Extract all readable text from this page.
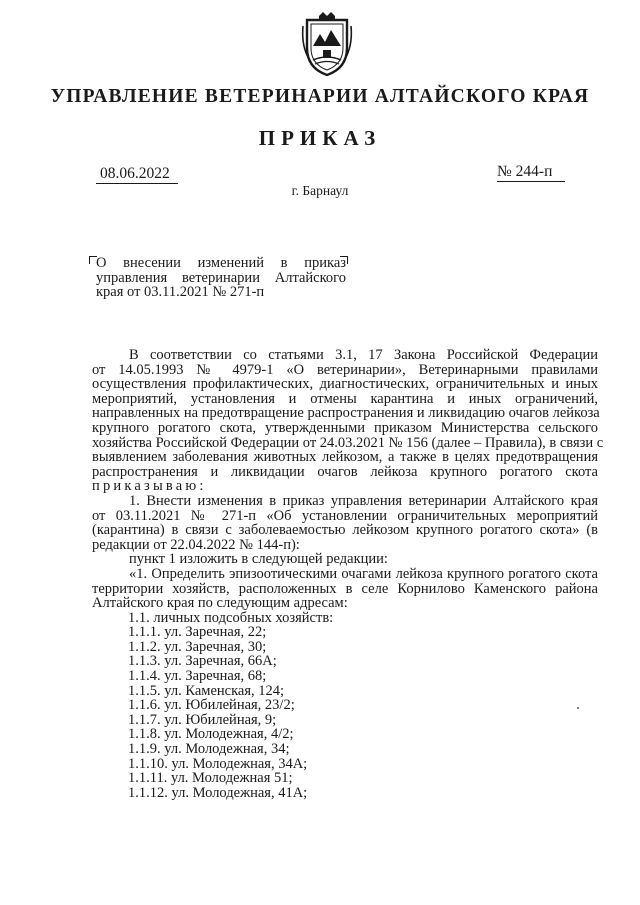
УПРАВЛЕНИЕ ВЕТЕРИНАРИИ АЛТАЙСКОГО КРАЯ
ПРИКАЗ
08.06.2022	№ 244-п
г. Барнаул
О внесении изменений в приказ
управления ветеринарии Алтайского
края от 03.11.2021 № 271-п
В соответствии со статьями 3.1, 17 Закона Российской Федерации
от 14.05.1993 № 4979-1 «О ветеринарии», Ветеринарными правилами
осуществления профилактических, диагностических, ограничительных и иных
мероприятий, установления и отмены карантина и иных ограничений,
направленных на предотвращение распространения и ликвидацию очагов лейкоза
крупного рогатого скота, утвержденными приказом Министерства сельского
хозяйства Российской Федерации от 24.03.2021 № 156 (далее – Правила), в связи с
выявлением заболевания животных лейкозом, а также в целях предотвращения
распространения и ликвидации очагов лейкоза крупного рогатого скота
приказываю:
1. Внести изменения в приказ управления ветеринарии Алтайского края
от 03.11.2021 № 271-п «Об установлении ограничительных мероприятий
(карантина) в связи с заболеваемостью лейкозом крупного рогатого скота» (в
редакции от 22.04.2022 № 144-п):
пункт 1 изложить в следующей редакции:
«1. Определить эпизоотическими очагами лейкоза крупного рогатого скота
территории хозяйств, расположенных в селе Корнилово Каменского района
Алтайского края по следующим адресам:
1.1. личных подсобных хозяйств:
1.1.1. ул. Заречная, 22;
1.1.2. ул. Заречная, 30;
1.1.3. ул. Заречная, 66А;
1.1.4. ул. Заречная, 68;
1.1.5. ул. Каменская, 124;
1.1.6. ул. Юбилейная, 23/2;
1.1.7. ул. Юбилейная, 9;
1.1.8. ул. Молодежная, 4/2;
1.1.9. ул. Молодежная, 34;
1.1.10. ул. Молодежная, 34А;
1.1.11. ул. Молодежная 51;
1.1.12. ул. Молодежная, 41А;
